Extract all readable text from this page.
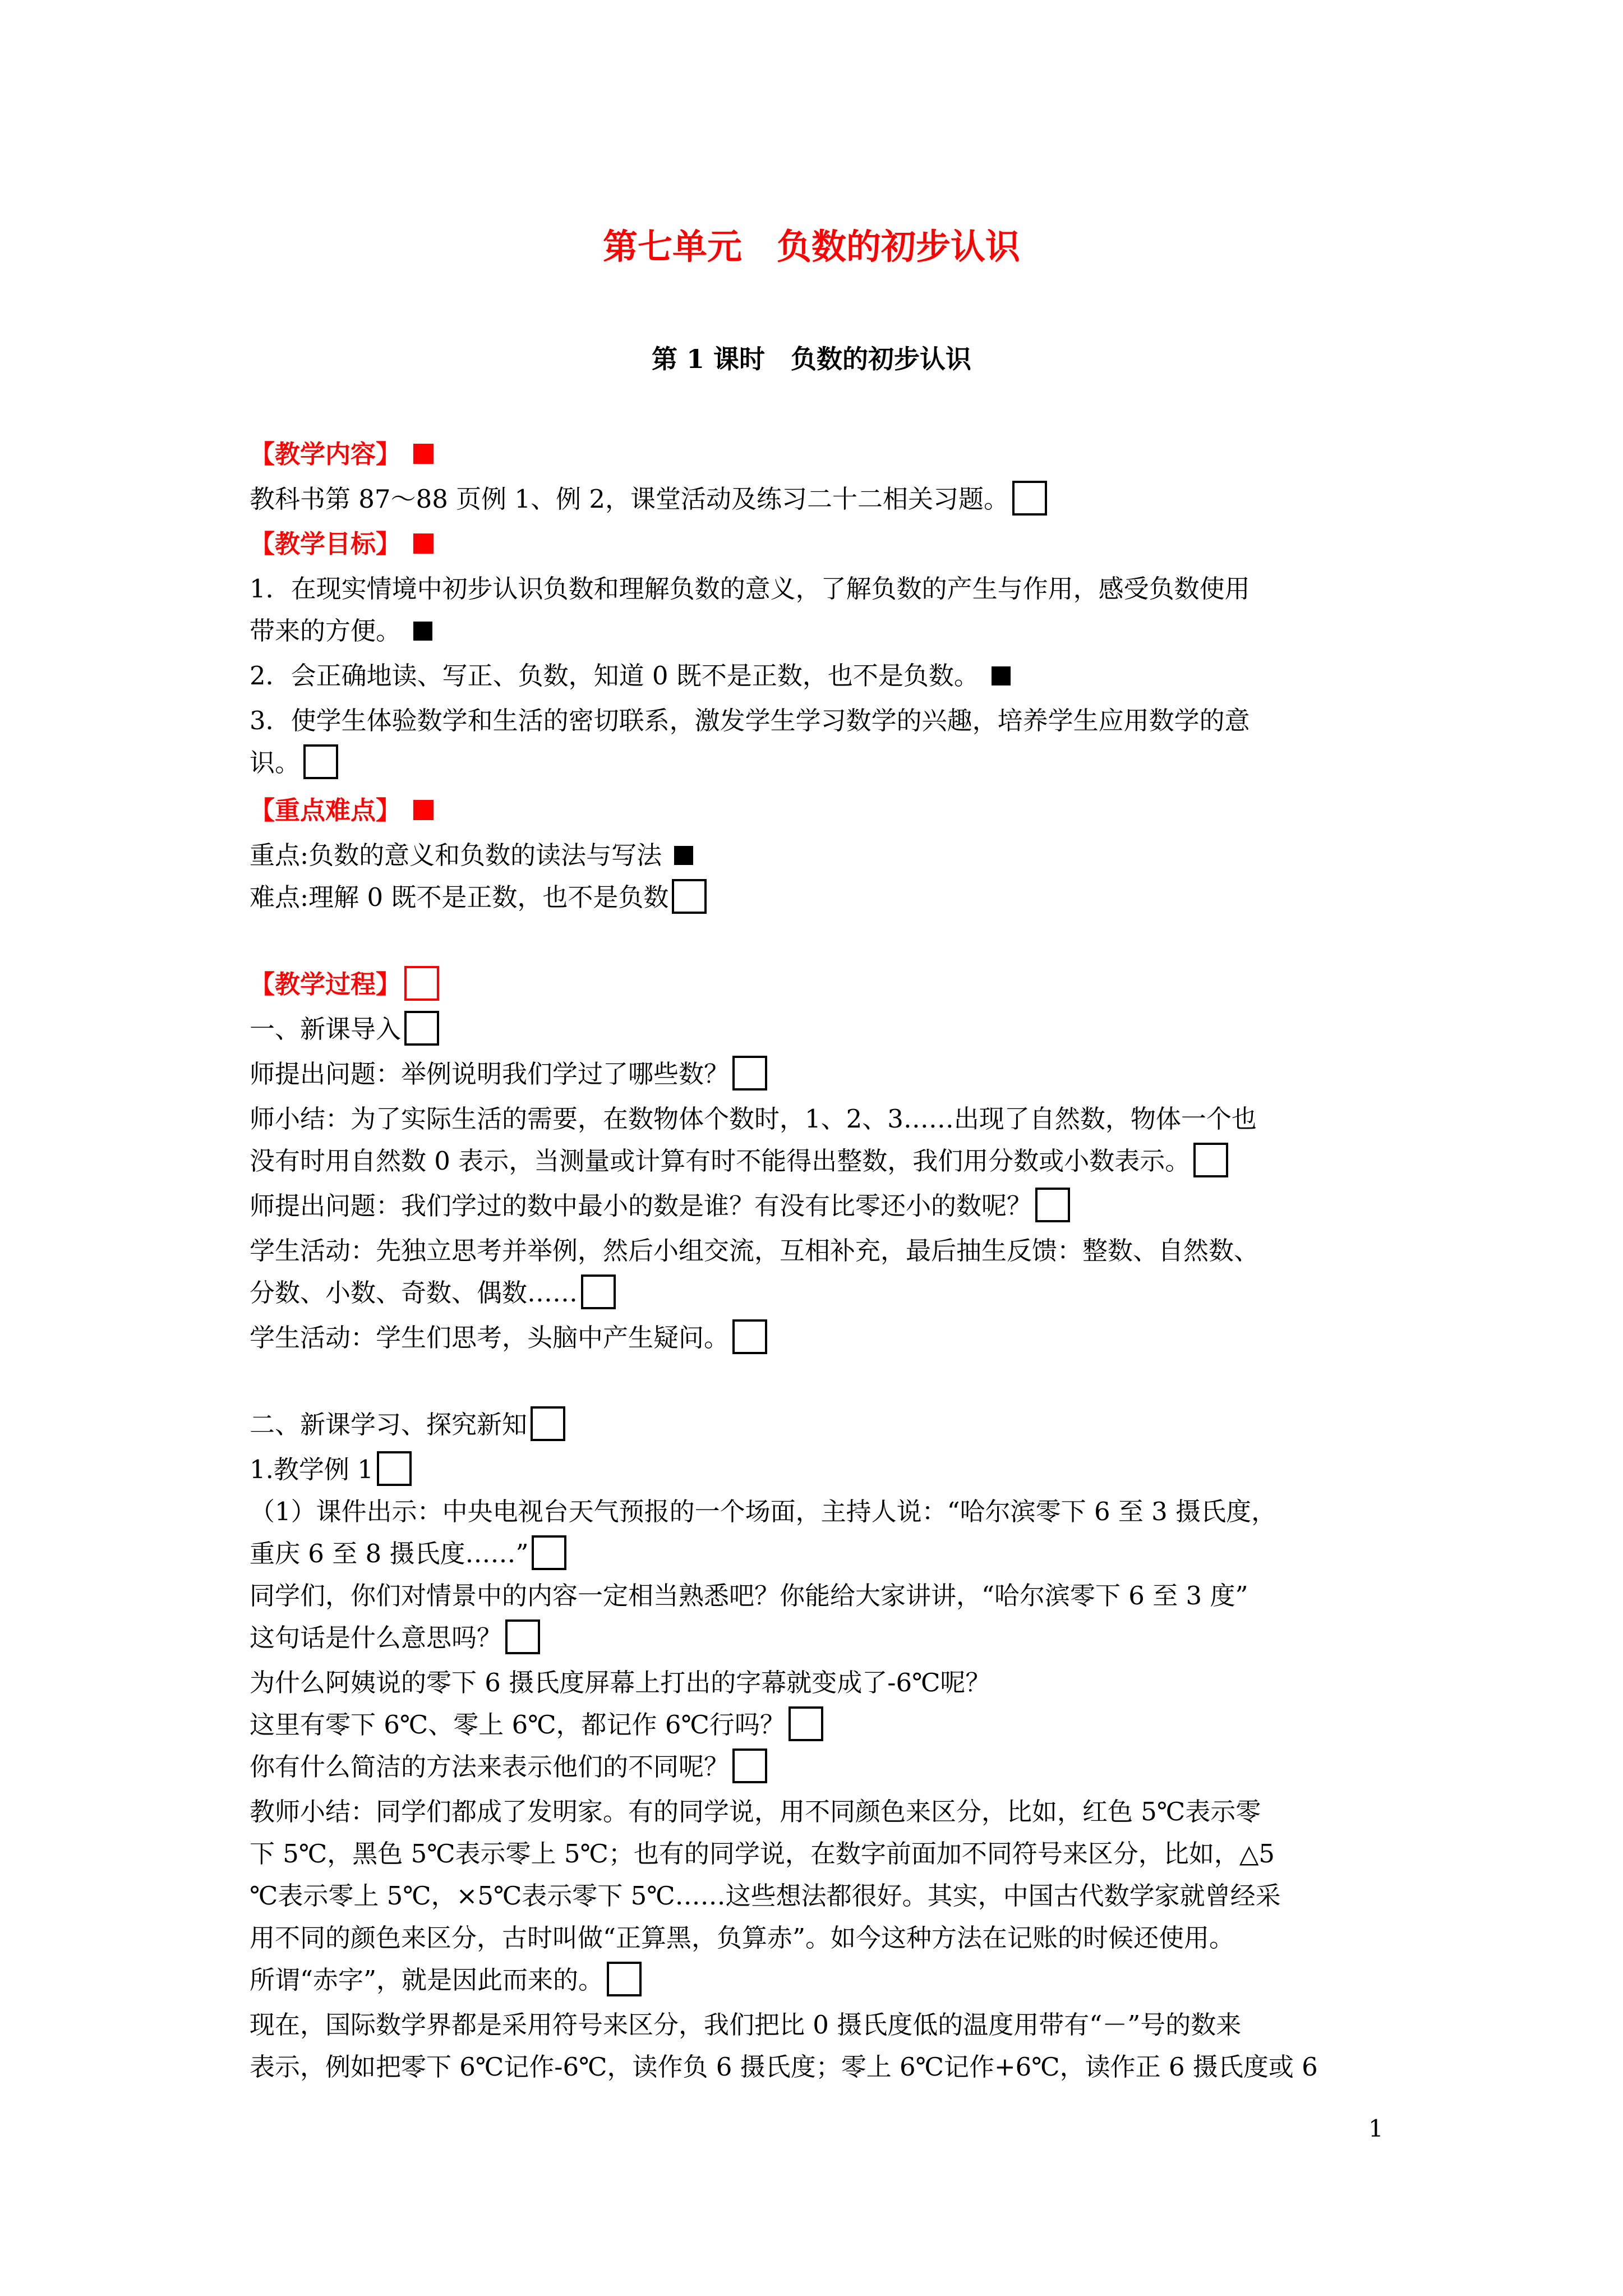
第七单元　负数的初步认识
第 1 课时　负数的初步认识
【教学内容】
教科书第 87～88 页例 1、例 2，课堂活动及练习二十二相关习题。
【教学目标】
1．在现实情境中初步认识负数和理解负数的意义，了解负数的产生与作用，感受负数使用
带来的方便。
2．会正确地读、写正、负数，知道 0 既不是正数，也不是负数。
3．使学生体验数学和生活的密切联系，激发学生学习数学的兴趣，培养学生应用数学的意
识。
【重点难点】
重点:负数的意义和负数的读法与写法
难点:理解 0 既不是正数，也不是负数
【教学过程】
一、新课导入
师提出问题：举例说明我们学过了哪些数？
师小结：为了实际生活的需要，在数物体个数时，1、2、3……出现了自然数，物体一个也
没有时用自然数 0 表示，当测量或计算有时不能得出整数，我们用分数或小数表示。
师提出问题：我们学过的数中最小的数是谁？有没有比零还小的数呢？
学生活动：先独立思考并举例，然后小组交流，互相补充，最后抽生反馈：整数、自然数、
分数、小数、奇数、偶数……
学生活动：学生们思考，头脑中产生疑问。
二、新课学习、探究新知
1.教学例 1
（1）课件出示：中央电视台天气预报的一个场面，主持人说：“哈尔滨零下 6 至 3 摄氏度，
重庆 6 至 8 摄氏度……”
同学们，你们对情景中的内容一定相当熟悉吧？你能给大家讲讲，“哈尔滨零下 6 至 3 度”
这句话是什么意思吗？
为什么阿姨说的零下 6 摄氏度屏幕上打出的字幕就变成了-6℃呢？
这里有零下 6℃、零上 6℃，都记作 6℃行吗？
你有什么简洁的方法来表示他们的不同呢？
教师小结：同学们都成了发明家。有的同学说，用不同颜色来区分，比如，红色 5℃表示零
下 5℃，黑色 5℃表示零上 5℃；也有的同学说，在数字前面加不同符号来区分，比如，△5
℃表示零上 5℃，×5℃表示零下 5℃……这些想法都很好。其实，中国古代数学家就曾经采
用不同的颜色来区分，古时叫做“正算黑，负算赤”。如今这种方法在记账的时候还使用。
所谓“赤字”，就是因此而来的。
现在，国际数学界都是采用符号来区分，我们把比 0 摄氏度低的温度用带有“－”号的数来
表示，例如把零下 6℃记作-6℃，读作负 6 摄氏度；零上 6℃记作+6℃，读作正 6 摄氏度或 6
1
